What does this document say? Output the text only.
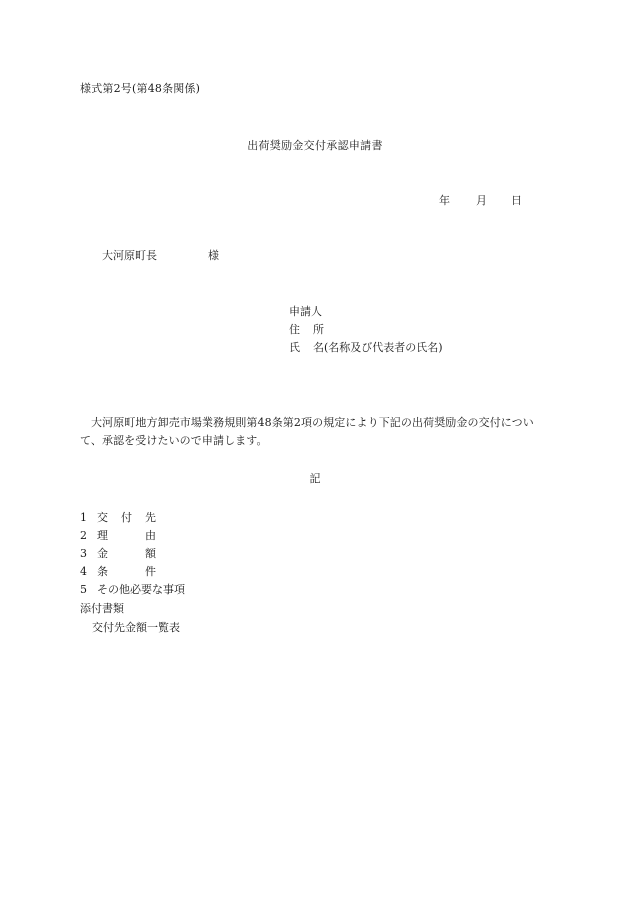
様式第2号(第48条関係)
出荷奨励金交付承認申請書
年 月 日
大河原町長	様
申請人
住 所
氏 名(名称及び代表者の氏名)
大河原町地方卸売市場業務規則第48条第2項の規定により下記の出荷奨励金の交付について、承認を受けたいので申請します。
記
1 交 付 先
2 理	由
3 金	額
4 条	件
5 その他必要な事項
添付書類
交付先金額一覧表
